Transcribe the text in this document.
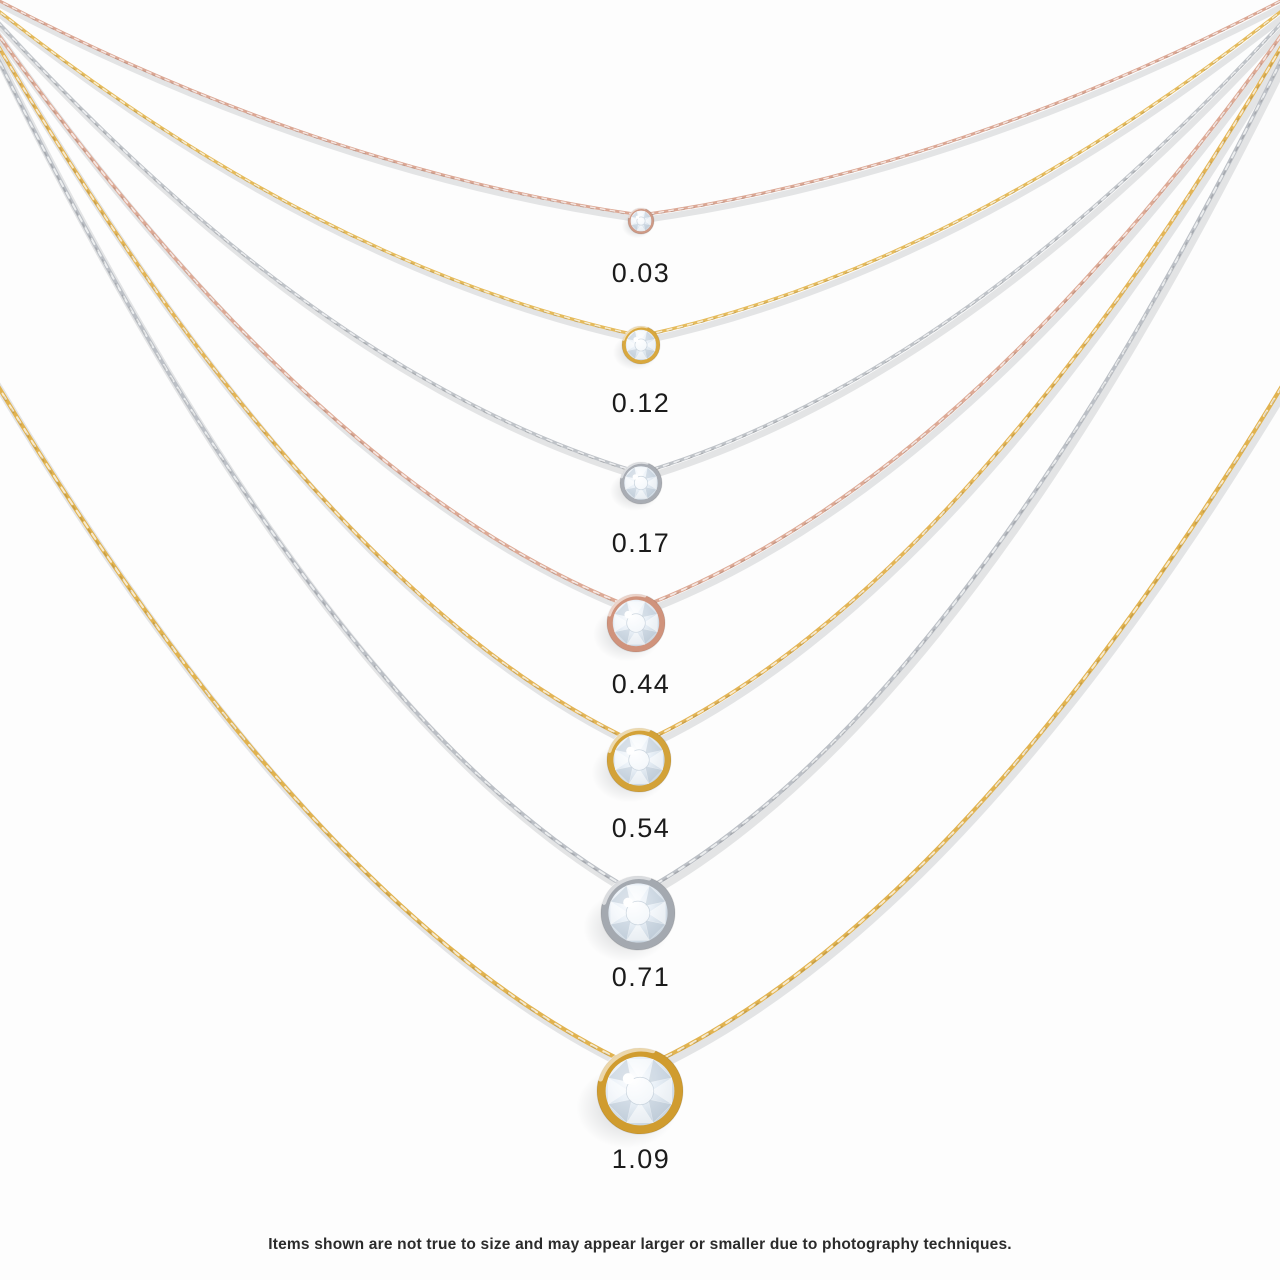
0.03
0.12
0.17
0.44
0.54
0.71
1.09
Items shown are not true to size and may appear larger or smaller due to photography techniques.
